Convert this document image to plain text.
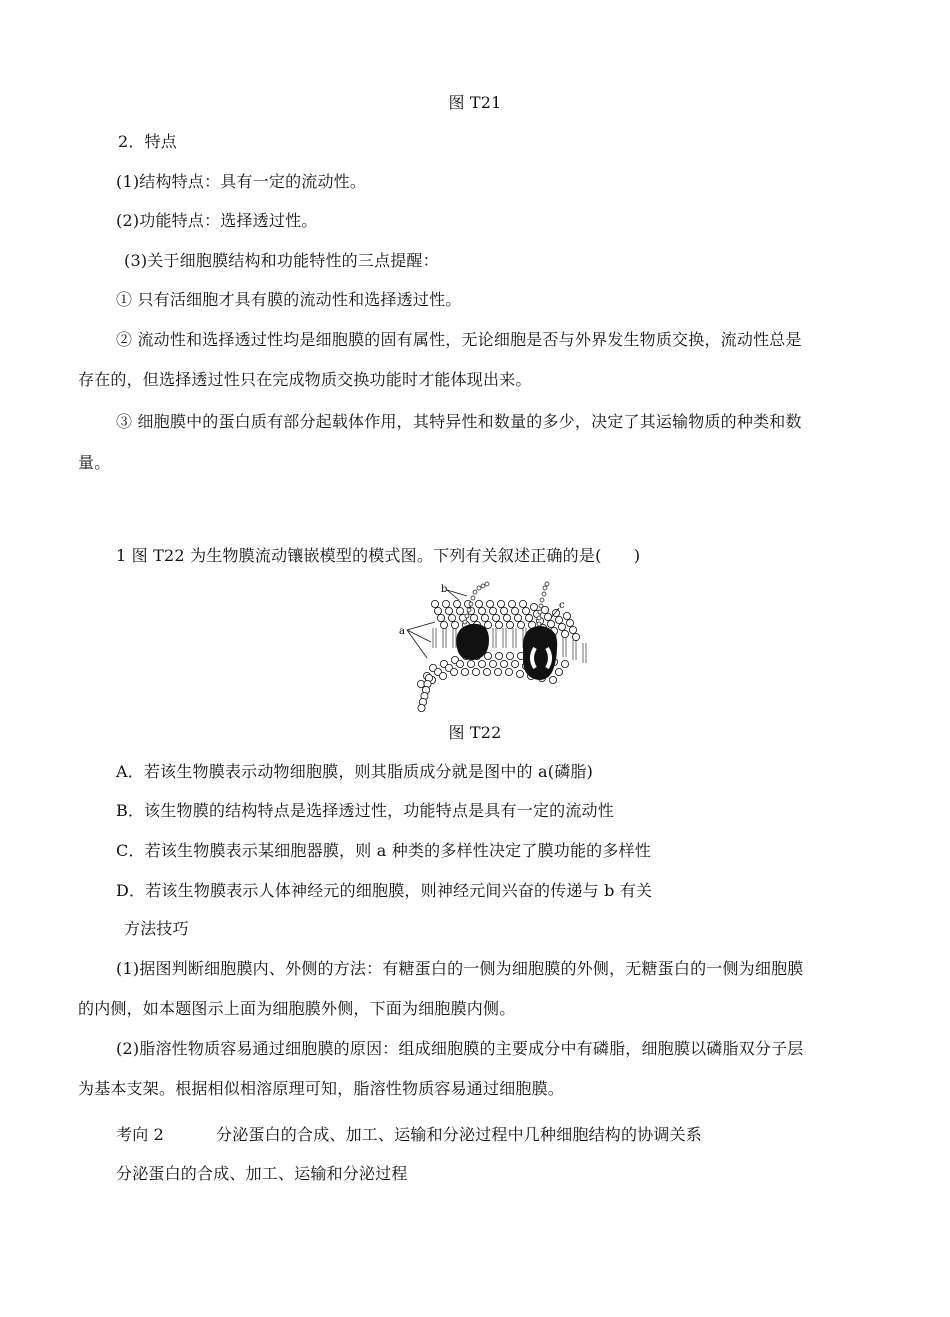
图 T21
2．特点
(1)结构特点：具有一定的流动性。
(2)功能特点：选择透过性。
(3)关于细胞膜结构和功能特性的三点提醒：
① 只有活细胞才具有膜的流动性和选择透过性。
② 流动性和选择透过性均是细胞膜的固有属性，无论细胞是否与外界发生物质交换，流动性总是
存在的，但选择透过性只在完成物质交换功能时才能体现出来。
③ 细胞膜中的蛋白质有部分起载体作用，其特异性和数量的多少，决定了其运输物质的种类和数
量。
1 图 T22 为生物膜流动镶嵌模型的模式图。下列有关叙述正确的是(　　)
a
b
c
图 T22
A．若该生物膜表示动物细胞膜，则其脂质成分就是图中的 a(磷脂)
B．该生物膜的结构特点是选择透过性，功能特点是具有一定的流动性
C．若该生物膜表示某细胞器膜，则 a 种类的多样性决定了膜功能的多样性
D．若该生物膜表示人体神经元的细胞膜，则神经元间兴奋的传递与 b 有关
方法技巧
(1)据图判断细胞膜内、外侧的方法：有糖蛋白的一侧为细胞膜的外侧，无糖蛋白的一侧为细胞膜
的内侧，如本题图示上面为细胞膜外侧，下面为细胞膜内侧。
(2)脂溶性物质容易通过细胞膜的原因：组成细胞膜的主要成分中有磷脂，细胞膜以磷脂双分子层
为基本支架。根据相似相溶原理可知，脂溶性物质容易通过细胞膜。
考向 2	分泌蛋白的合成、加工、运输和分泌过程中几种细胞结构的协调关系
分泌蛋白的合成、加工、运输和分泌过程
